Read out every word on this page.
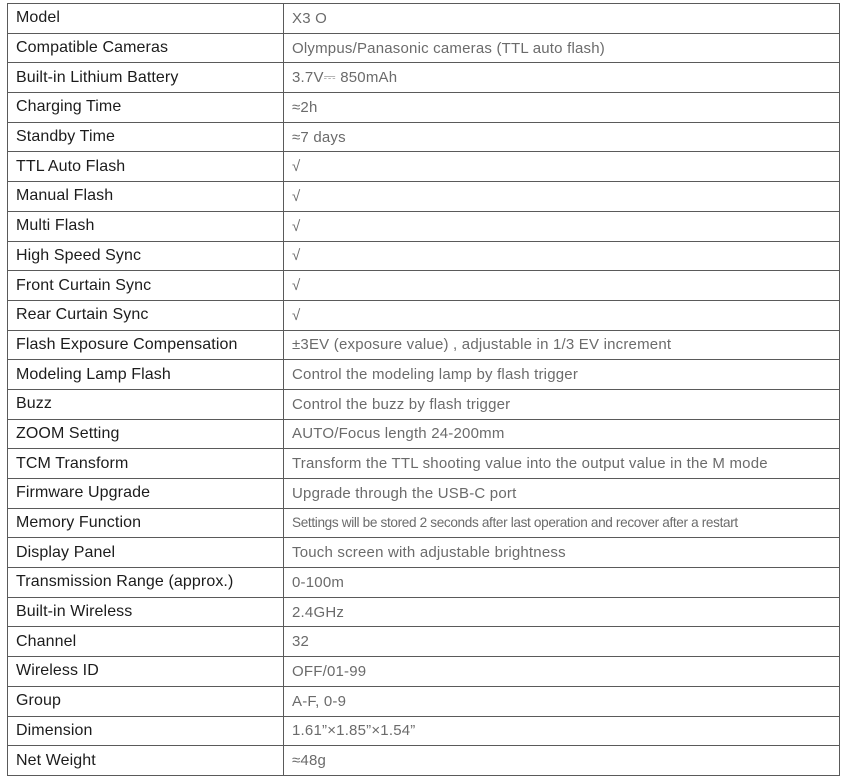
Model	X3 O
Compatible Cameras	Olympus/Panasonic cameras (TTL auto flash)
Built-in Lithium Battery	3.7V⎓ 850mAh
Charging Time	≈2h
Standby Time	≈7 days
TTL Auto Flash	√
Manual Flash	√
Multi Flash	√
High Speed Sync	√
Front Curtain Sync	√
Rear Curtain Sync	√
Flash Exposure Compensation	±3EV (exposure value) , adjustable in 1/3 EV increment
Modeling Lamp Flash	Control the modeling lamp by flash trigger
Buzz	Control the buzz by flash trigger
ZOOM Setting	AUTO/Focus length 24-200mm
TCM Transform	Transform the TTL shooting value into the output value in the M mode
Firmware Upgrade	Upgrade through the USB-C port
Memory Function	Settings will be stored 2 seconds after last operation and recover after a restart
Display Panel	Touch screen with adjustable brightness
Transmission Range (approx.)	0-100m
Built-in Wireless	2.4GHz
Channel	32
Wireless ID	OFF/01-99
Group	A-F, 0-9
Dimension	1.61”×1.85”×1.54”
Net Weight	≈48g
